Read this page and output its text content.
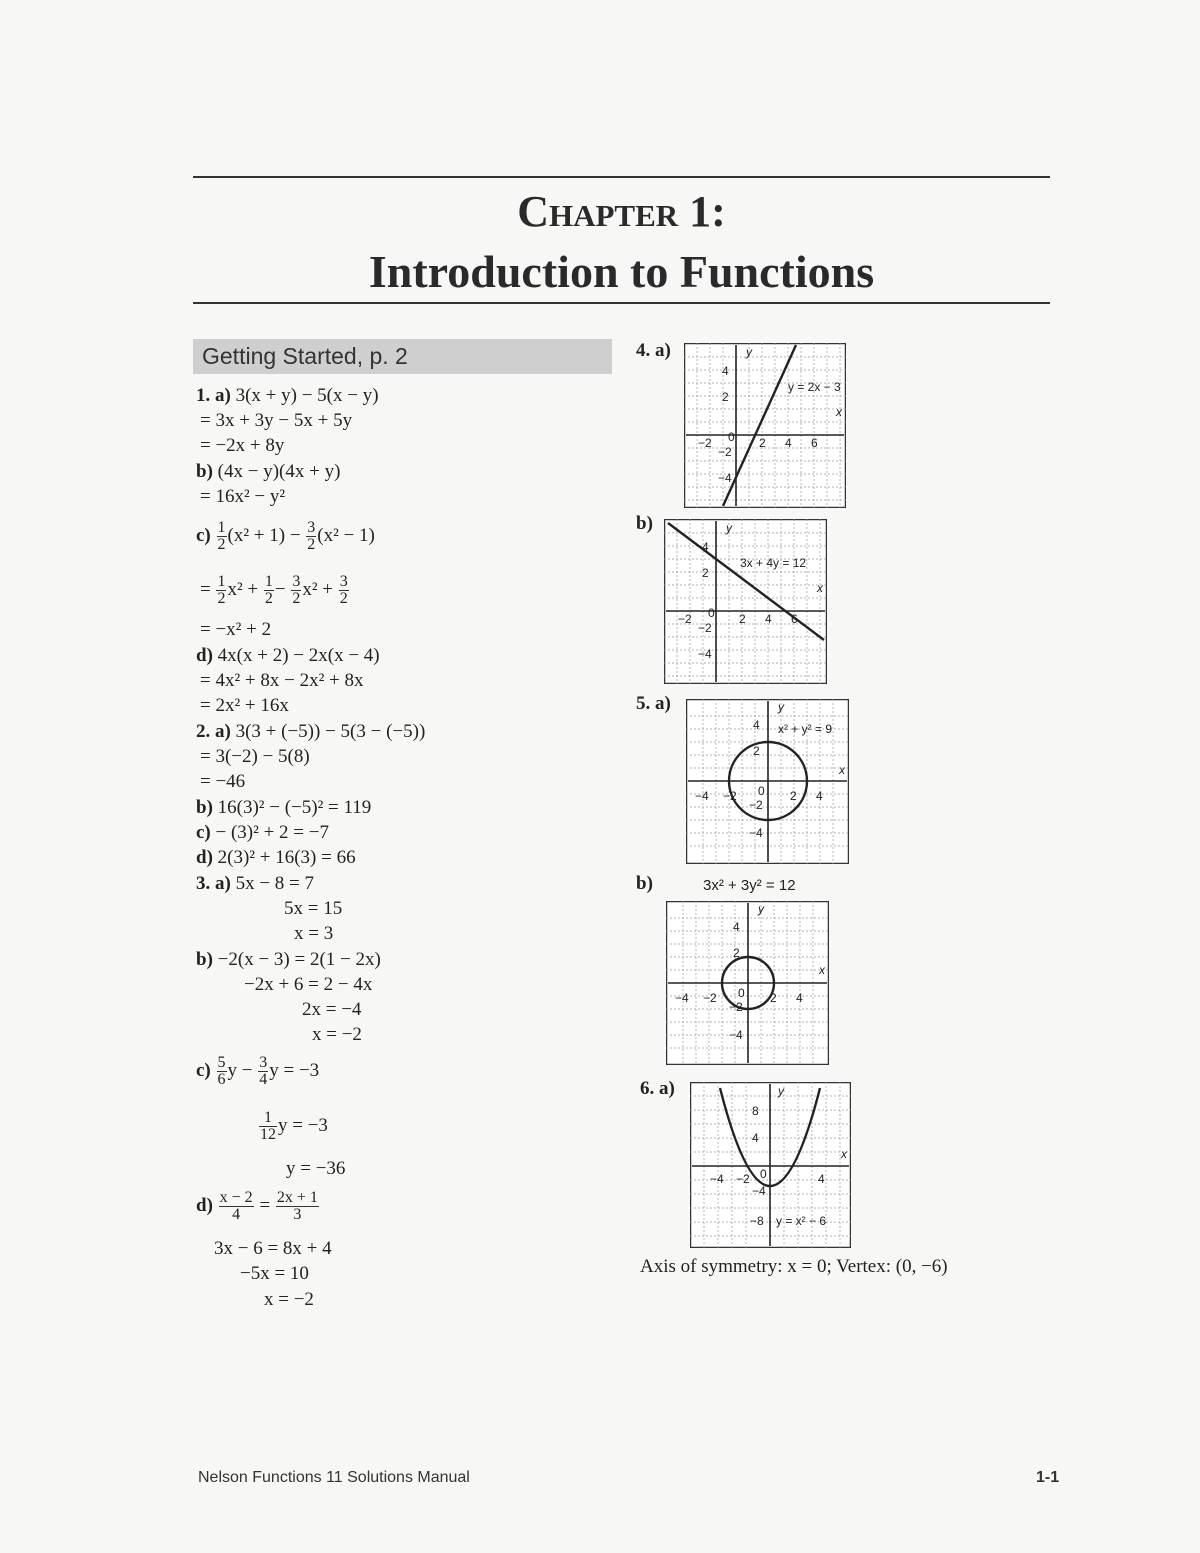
Chapter 1:
Introduction to Functions
Getting Started, p. 2
1. a) 3(x + y) − 5(x − y)
= 3x + 3y − 5x + 5y
= −2x + 8y
b) (4x − y)(4x + y)
= 16x² − y²
$c) \frac{1}{2} (x^2 + 1) - \frac{3}{2} (x^2 - 1)$
= $\frac{1}{2} x^2 + \frac{1}{2} - \frac{3}{2} x^2 + \frac{3}{2}$
= −x² + 2
d) 4x(x + 2) − 2x(x − 4)
= 4x² + 8x − 2x² + 8x
= 2x² + 16x
2. a) 3(3 + (−5)) − 5(3 − (−5))
= 3(−2) − 5(8)
= −46
b) 16(3)² − (−5)² = 119
c) − (3)² + 2 = −7
d) 2(3)² + 16(3) = 66
3. a) 5x − 8 = 7
5x = 15
x = 3
b) −2(x − 3) = 2(1 − 2x)
−2x + 6 = 2 − 4x
2x = −4
x = −2
$c) \frac{5}{6}$ $y - \frac{3}{4}$ y = −3
$\frac{1}{12}$ y = −3
y = −36
$d) \frac{x - 2}{4} = \frac{2x + 1}{3}$
3x − 6 = 8x + 4
−5x = 10
x = −2
4. a)
b)
5. a)
b)	3x² + 3y² = 12
6. a)
Axis of symmetry: x = 0; Vertex: (0, −6)
4
2
−2 0 2 4 6
−2
−4
y = 2x − 3
x
y
4
2
−2 0 2 4 6
−2
−4
3x + 4y = 12
x
y
4
2
−4 −2 0 2 4
−2
−4
x² + y² = 9
x
y
4
2
−4 −2 0 2 4
−2
−4
x
y
8
4
−4 −2 0	4
−4
−8 y = x² − 6
x
y
Nelson Functions 11 Solutions Manual	1-1
